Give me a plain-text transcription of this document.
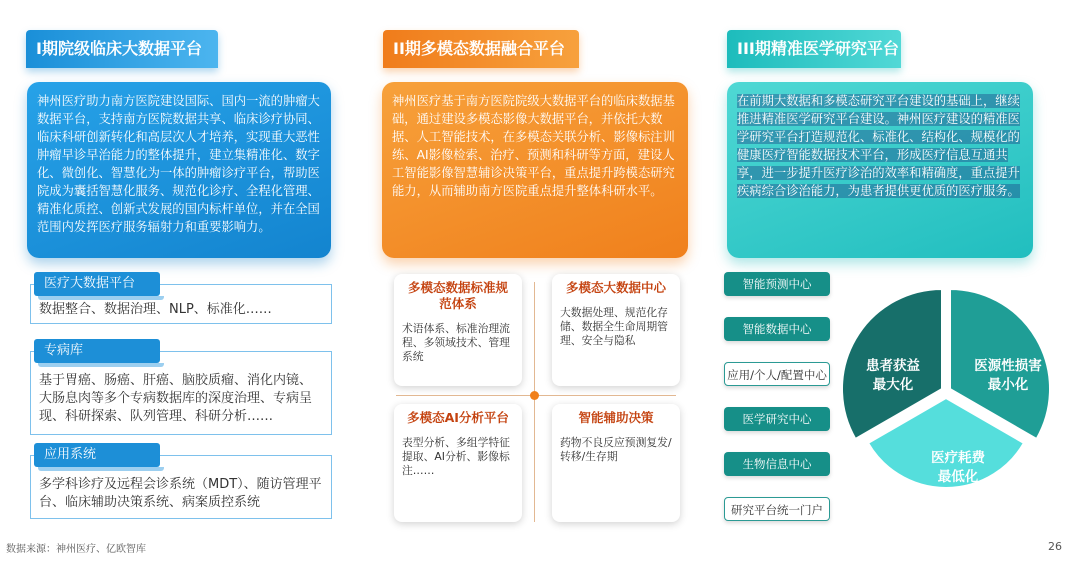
I期院级临床大数据平台
神州医疗助力南方医院建设国际、国内一流的肿瘤大数据平台，支持南方医院数据共享、临床诊疗协同、临床科研创新转化和高层次人才培养，实现重大恶性肿瘤早诊早治能力的整体提升，建立集精准化、数字化、微创化、智慧化为一体的肿瘤诊疗平台，帮助医院成为囊括智慧化服务、规范化诊疗、全程化管理、精准化质控、创新式发展的国内标杆单位，并在全国范围内发挥医疗服务辐射力和重要影响力。
医疗大数据平台
数据整合、数据治理、NLP、标准化……
专病库
基于胃癌、肠癌、肝癌、脑胶质瘤、消化内镜、大肠息肉等多个专病数据库的深度治理、专病呈现、科研探索、队列管理、科研分析……
应用系统
多学科诊疗及远程会诊系统（MDT）、随访管理平台、临床辅助决策系统、病案质控系统
II期多模态数据融合平台
神州医疗基于南方医院院级大数据平台的临床数据基础，通过建设多模态影像大数据平台，并依托大数据、人工智能技术，在多模态关联分析、影像标注训练、AI影像检索、治疗、预测和科研等方面，建设人工智能影像智慧辅诊决策平台，重点提升跨模态研究能力，从而辅助南方医院重点提升整体科研水平。
多模态数据标准规范体系
术语体系、标准治理流程、多领域技术、管理系统
多模态大数据中心
大数据处理、规范化存储、数据全生命周期管理、安全与隐私
多模态AI分析平台
表型分析、多组学特征提取、AI分析、影像标注……
智能辅助决策
药物不良反应预测复发/转移/生存期
III期精准医学研究平台
在前期大数据和多模态研究平台建设的基础上，继续推进精准医学研究平台建设。神州医疗建设的精准医学研究平台打造规范化、标准化、结构化、规模化的健康医疗智能数据技术平台，形成医疗信息互通共享，进一步提升医疗诊治的效率和精确度，重点提升疾病综合诊治能力，为患者提供更优质的医疗服务。
智能预测中心
智能数据中心
应用/个人/配置中心
医学研究中心
生物信息中心
研究平台统一门户
患者获益
最大化
医源性损害
最小化
医疗耗费
最低化
数据来源：神州医疗、亿欧智库	26
